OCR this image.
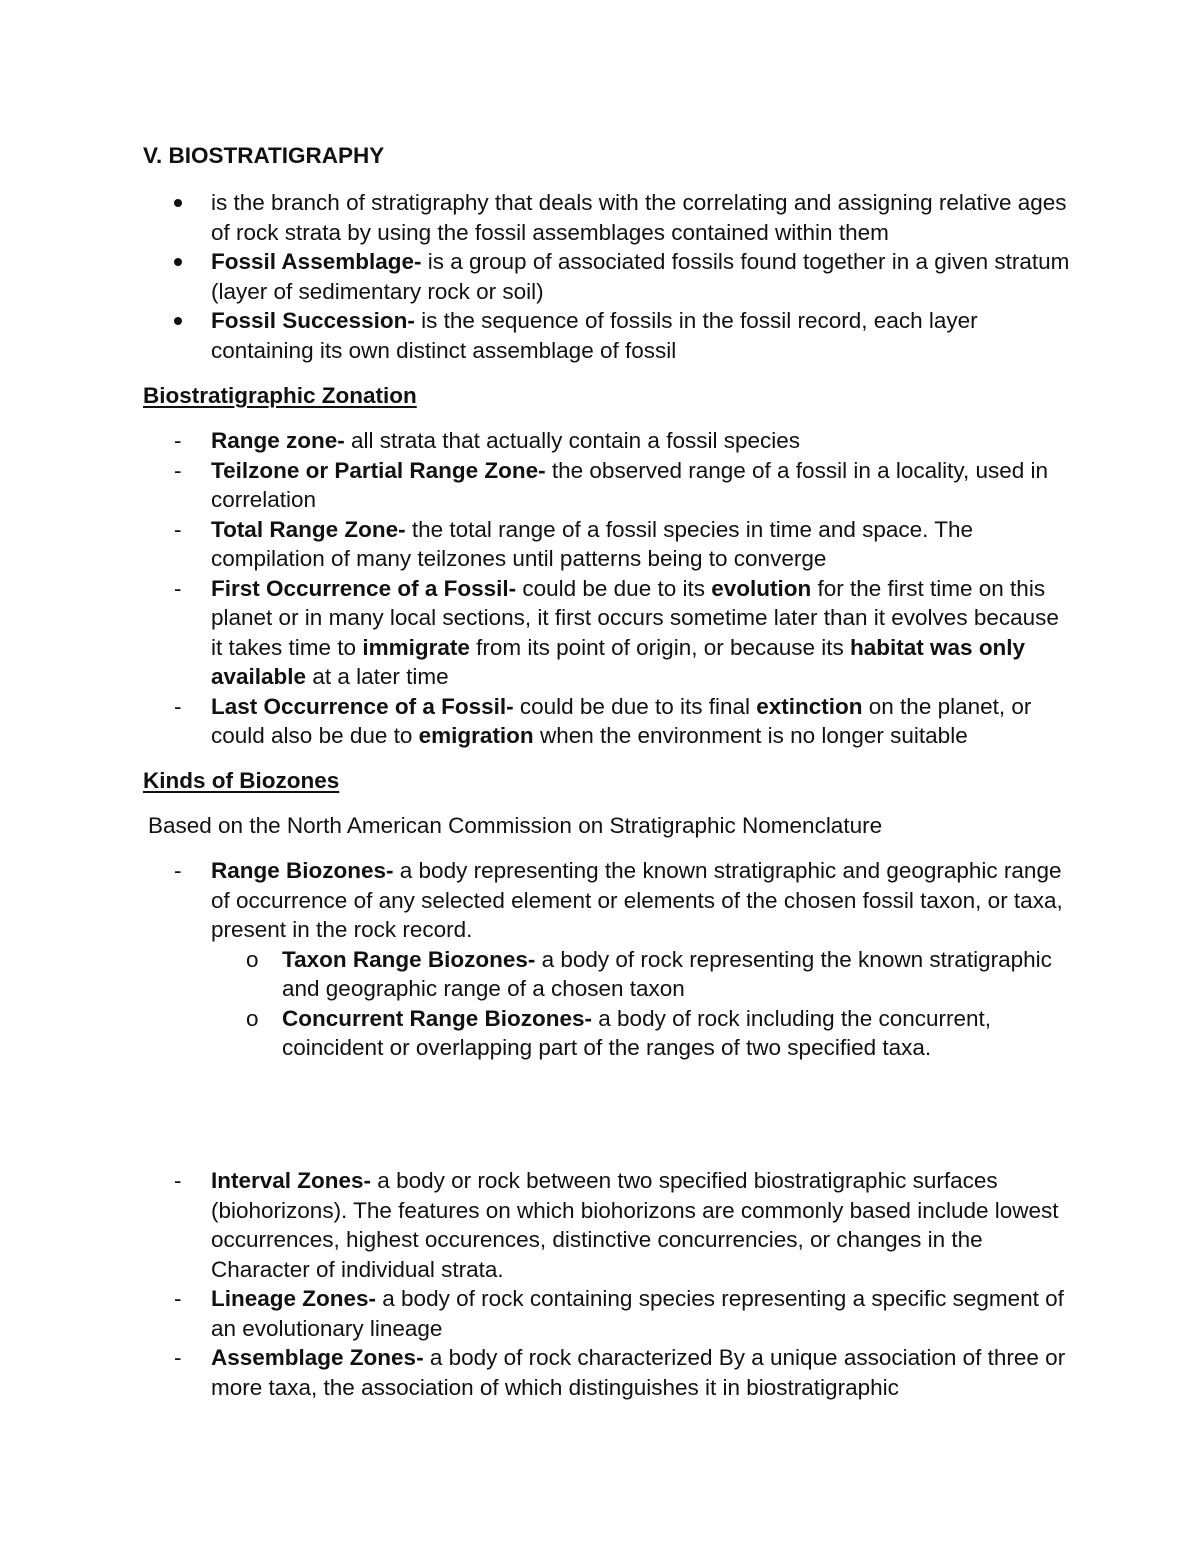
V. BIOSTRATIGRAPHY
is the branch of stratigraphy that deals with the correlating and assigning relative ages of rock strata by using the fossil assemblages contained within them
Fossil Assemblage- is a group of associated fossils found together in a given stratum (layer of sedimentary rock or soil)
Fossil Succession- is the sequence of fossils in the fossil record, each layer containing its own distinct assemblage of fossil
Biostratigraphic Zonation
- Range zone- all strata that actually contain a fossil species
- Teilzone or Partial Range Zone- the observed range of a fossil in a locality, used in correlation
- Total Range Zone- the total range of a fossil species in time and space. The compilation of many teilzones until patterns being to converge
- First Occurrence of a Fossil- could be due to its evolution for the first time on this planet or in many local sections, it first occurs sometime later than it evolves because it takes time to immigrate from its point of origin, or because its habitat was only available at a later time
- Last Occurrence of a Fossil- could be due to its final extinction on the planet, or could also be due to emigration when the environment is no longer suitable
Kinds of Biozones
Based on the North American Commission on Stratigraphic Nomenclature
- Range Biozones- a body representing the known stratigraphic and geographic range of occurrence of any selected element or elements of the chosen fossil taxon, or taxa, present in the rock record.
o Taxon Range Biozones- a body of rock representing the known stratigraphic and geographic range of a chosen taxon
o Concurrent Range Biozones- a body of rock including the concurrent, coincident or overlapping part of the ranges of two specified taxa.
- Interval Zones- a body or rock between two specified biostratigraphic surfaces (biohorizons). The features on which biohorizons are commonly based include lowest occurrences, highest occurences, distinctive concurrencies, or changes in the Character of individual strata.
- Lineage Zones- a body of rock containing species representing a specific segment of an evolutionary lineage
- Assemblage Zones- a body of rock characterized By a unique association of three or more taxa, the association of which distinguishes it in biostratigraphic
